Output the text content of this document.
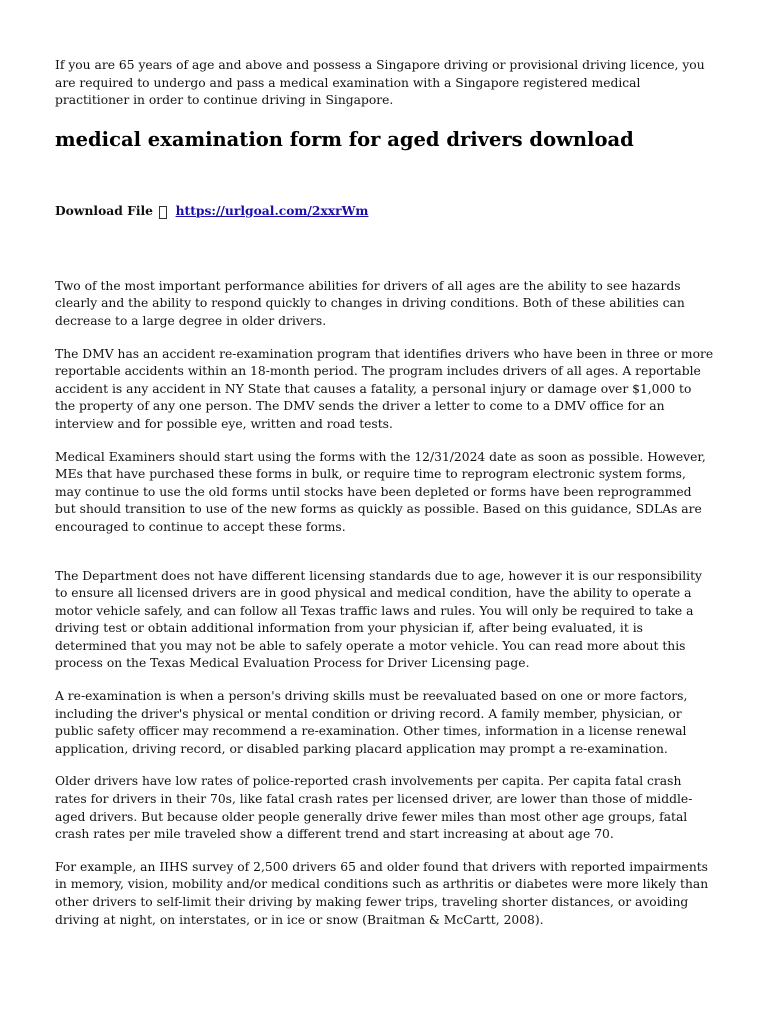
If you are 65 years of age and above and possess a Singapore driving or provisional driving licence, you are required to undergo and pass a medical examination with a Singapore registered medical practitioner in order to continue driving in Singapore.

medical examination form for aged drivers download
Download File https://urlgoal.com/2xxrWm

Two of the most important performance abilities for drivers of all ages are the ability to see hazards clearly and the ability to respond quickly to changes in driving conditions. Both of these abilities can decrease to a large degree in older drivers.

The DMV has an accident re-examination program that identifies drivers who have been in three or more reportable accidents within an 18-month period. The program includes drivers of all ages. A reportable accident is any accident in NY State that causes a fatality, a personal injury or damage over $1,000 to the property of any one person. The DMV sends the driver a letter to come to a DMV office for an interview and for possible eye, written and road tests.

Medical Examiners should start using the forms with the 12/31/2024 date as soon as possible. However, MEs that have purchased these forms in bulk, or require time to reprogram electronic system forms, may continue to use the old forms until stocks have been depleted or forms have been reprogrammed but should transition to use of the new forms as quickly as possible. Based on this guidance, SDLAs are encouraged to continue to accept these forms.

The Department does not have different licensing standards due to age, however it is our responsibility to ensure all licensed drivers are in good physical and medical condition, have the ability to operate a motor vehicle safely, and can follow all Texas traffic laws and rules. You will only be required to take a driving test or obtain additional information from your physician if, after being evaluated, it is determined that you may not be able to safely operate a motor vehicle. You can read more about this process on the Texas Medical Evaluation Process for Driver Licensing page.

A re-examination is when a person's driving skills must be reevaluated based on one or more factors, including the driver's physical or mental condition or driving record. A family member, physician, or public safety officer may recommend a re-examination. Other times, information in a license renewal application, driving record, or disabled parking placard application may prompt a re-examination.

Older drivers have low rates of police-reported crash involvements per capita. Per capita fatal crash rates for drivers in their 70s, like fatal crash rates per licensed driver, are lower than those of middle-aged drivers. But because older people generally drive fewer miles than most other age groups, fatal crash rates per mile traveled show a different trend and start increasing at about age 70.

For example, an IIHS survey of 2,500 drivers 65 and older found that drivers with reported impairments in memory, vision, mobility and/or medical conditions such as arthritis or diabetes were more likely than other drivers to self-limit their driving by making fewer trips, traveling shorter distances, or avoiding driving at night, on interstates, or in ice or snow (Braitman & McCartt, 2008).
